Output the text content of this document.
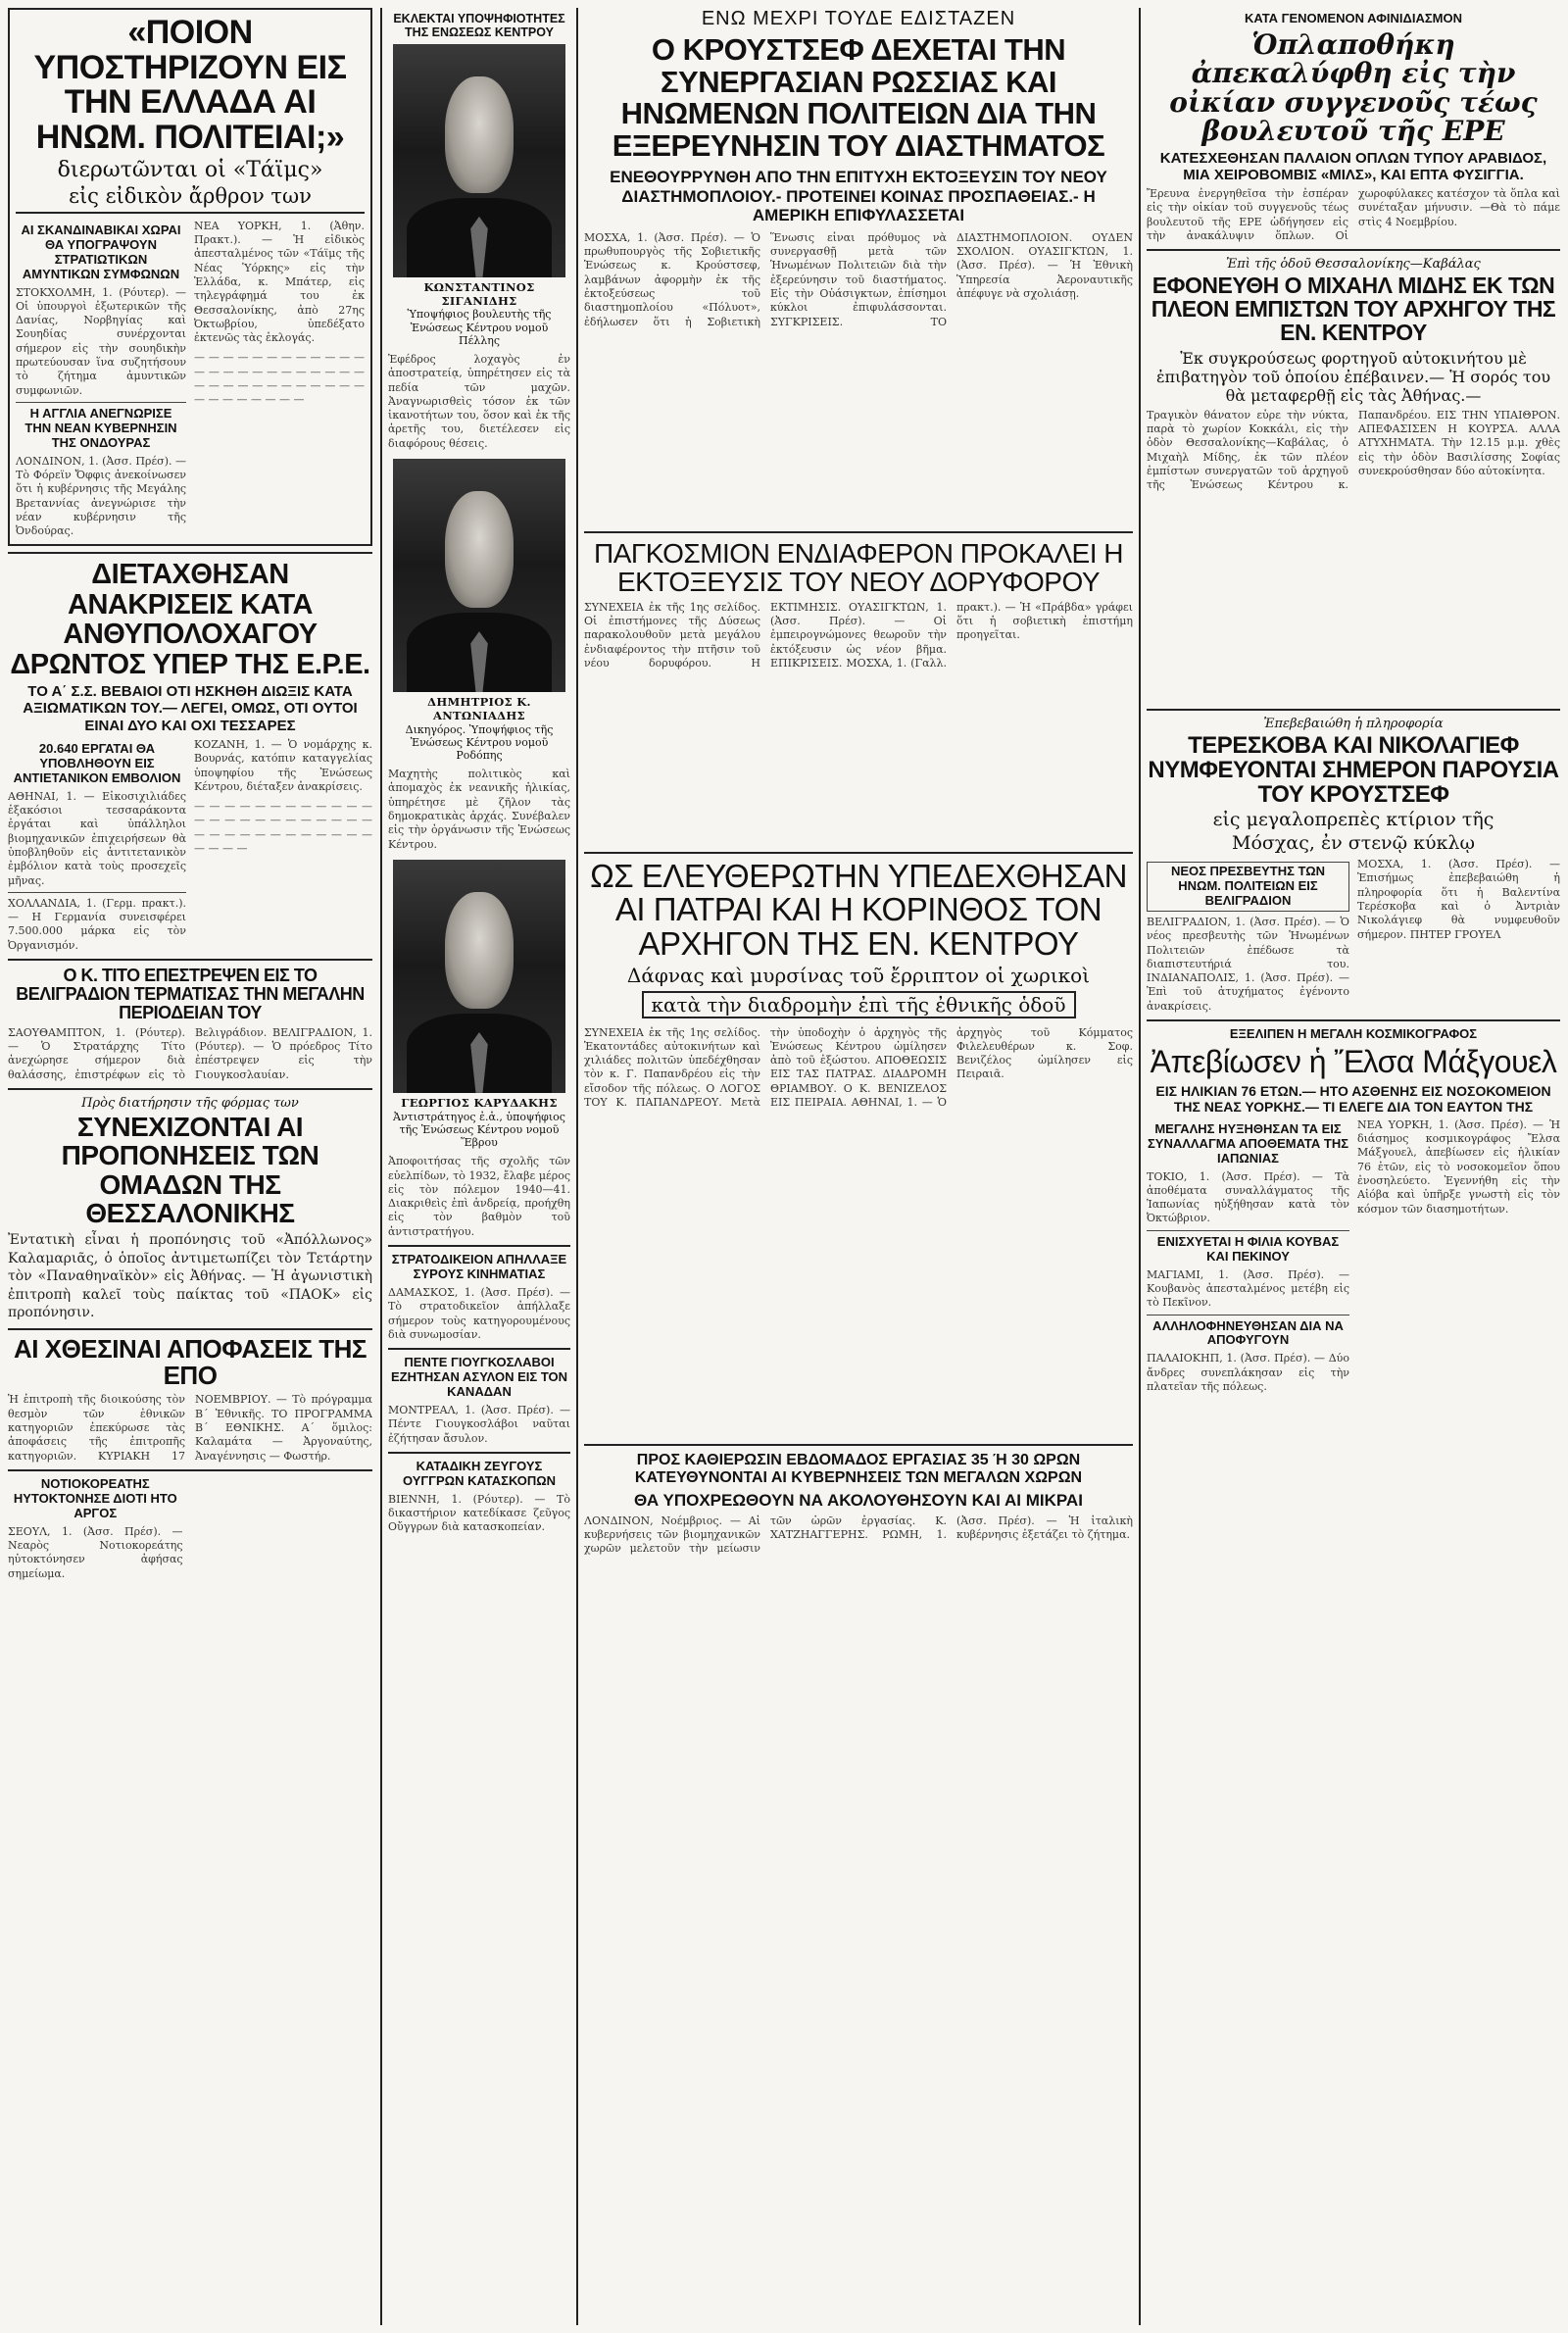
«ΠΟΙΟΝ ΥΠΟΣΤΗΡΙΖΟΥΝ ΕΙΣ ΤΗΝ ΕΛΛΑΔΑ ΑΙ ΗΝΩΜ. ΠΟΛΙΤΕΙΑΙ;»
διερωτῶνται οἱ «Τάϊμς»
εἰς εἰδικὸν ἄρθρον των
ΑΙ ΣΚΑΝΔΙΝΑΒΙΚΑΙ ΧΩΡΑΙ ΘΑ ΥΠΟΓΡΑΨΟΥΝ ΣΤΡΑΤΙΩΤΙΚΩΝ ΑΜΥΝΤΙΚΩΝ ΣΥΜΦΩΝΩΝ
ΣΤΟΚΧΟΛΜΗ, 1. (Ρόυτερ). — Οἱ ὑπουργοὶ ἐξωτερικῶν τῆς Δανίας, Νορβηγίας καὶ Σουηδίας συνέρχονται σήμερον εἰς τὴν σουηδικὴν πρωτεύουσαν ἵνα συζητήσουν τὸ ζήτημα ἀμυντικῶν συμφωνιῶν.
Η ΑΓΓΛΙΑ ΑΝΕΓΝΩΡΙΣΕ ΤΗΝ ΝΕΑΝ ΚΥΒΕΡΝΗΣΙΝ ΤΗΣ ΟΝΔΟΥΡΑΣ
ΛΟΝΔΙΝΟΝ, 1. (Ἀσσ. Πρέσ). — Τὸ Φόρεϊν Ὄφφις ἀνεκοίνωσεν ὅτι ἡ κυβέρνησις τῆς Μεγάλης Βρεταννίας ἀνεγνώρισε τὴν νέαν κυβέρνησιν τῆς Ὀνδούρας.
ΝΕΑ ΥΟΡΚΗ, 1. (Ἀθην. Πρακτ.). — Ἡ εἰδικὸς ἀπεσταλμένος τῶν «Τάϊμς τῆς Νέας Ὑόρκης» εἰς τὴν Ἑλλάδα, κ. Μπάτερ, εἰς τηλεγράφημά του ἐκ Θεσσαλονίκης, ἀπὸ 27ης Ὀκτωβρίου, ὑπεδέξατο ἐκτενῶς τὰς ἐκλογάς.
— — — — — — — — — — — — — — — — — — — — — — — — — — — — — — — — — — — — — — — — — — — —
ΔΙΕΤΑΧΘΗΣΑΝ ΑΝΑΚΡΙΣΕΙΣ ΚΑΤΑ ΑΝΘΥΠΟΛΟΧΑΓΟΥ ΔΡΩΝΤΟΣ ΥΠΕΡ ΤΗΣ Ε.Ρ.Ε.
ΤΟ Α΄ Σ.Σ. ΒΕΒΑΙΟΙ ΟΤΙ ΗΣΚΗΘΗ ΔΙΩΞΙΣ ΚΑΤΑ ΑΞΙΩΜΑΤΙΚΩΝ ΤΟΥ.— ΛΕΓΕΙ, ΟΜΩΣ, ΟΤΙ ΟΥΤΟΙ ΕΙΝΑΙ ΔΥΟ ΚΑΙ ΟΧΙ ΤΕΣΣΑΡΕΣ
20.640 ΕΡΓΑΤΑΙ ΘΑ ΥΠΟΒΛΗΘΟΥΝ ΕΙΣ ΑΝΤΙΕΤΑΝΙΚΟΝ ΕΜΒΟΛΙΟΝ
ΑΘΗΝΑΙ, 1. — Εἰκοσιχιλιάδες ἑξακόσιοι τεσσαράκοντα ἐργάται καὶ ὑπάλληλοι βιομηχανικῶν ἐπιχειρήσεων θὰ ὑποβληθοῦν εἰς ἀντιτετανικὸν ἐμβόλιον κατὰ τοὺς προσεχεῖς μῆνας.
ΧΟΛΛΑΝΔΙΑ, 1. (Γερμ. πρακτ.). — Η Γερμανία συνεισφέρει 7.500.000 μάρκα εἰς τὸν Ὀργανισμόν.
ΚΟΖΑΝΗ, 1. — Ὁ νομάρχης κ. Βουρνάς, κατόπιν καταγγελίας ὑποψηφίου τῆς Ἐνώσεως Κέντρου, διέταξεν ἀνακρίσεις.
— — — — — — — — — — — — — — — — — — — — — — — — — — — — — — — — — — — — — — — —
Ο Κ. ΤΙΤΟ ΕΠΕΣΤΡΕΨΕΝ ΕΙΣ ΤΟ ΒΕΛΙΓΡΑΔΙΟΝ ΤΕΡΜΑΤΙΣΑΣ ΤΗΝ ΜΕΓΑΛΗΝ ΠΕΡΙΟΔΕΙΑΝ ΤΟΥ
ΣΑΟΥΘΑΜΠΤΟΝ, 1. (Ρόυτερ). — Ὁ Στρατάρχης Τίτο ἀνεχώρησε σήμερον διὰ θαλάσσης, ἐπιστρέφων εἰς τὸ Βελιγράδιον. ΒΕΛΙΓΡΑΔΙΟΝ, 1. (Ρόυτερ). — Ὁ πρόεδρος Τίτο ἐπέστρεψεν εἰς τὴν Γιουγκοσλαυίαν.
Πρὸς διατήρησιν τῆς φόρμας των
ΣΥΝΕΧΙΖΟΝΤΑΙ ΑΙ ΠΡΟΠΟΝΗΣΕΙΣ ΤΩΝ ΟΜΑΔΩΝ ΤΗΣ ΘΕΣΣΑΛΟΝΙΚΗΣ
Ἐντατικὴ εἶναι ἡ προπόνησις τοῦ «Ἀπόλλωνος» Καλαμαριᾶς, ὁ ὁποῖος ἀντιμετωπίζει τὸν Τετάρτην τὸν «Παναθηναϊκὸν» εἰς Ἀθήνας. — Ἡ ἀγωνιστικὴ ἐπιτροπὴ καλεῖ τοὺς παίκτας τοῦ «ΠΑΟΚ» εἰς προπόνησιν.
ΑΙ ΧΘΕΣΙΝΑΙ ΑΠΟΦΑΣΕΙΣ ΤΗΣ ΕΠΟ
Ἡ ἐπιτροπὴ τῆς διοικούσης τὸν θεσμὸν τῶν ἐθνικῶν κατηγοριῶν ἐπεκύρωσε τὰς ἀποφάσεις τῆς ἐπιτροπῆς κατηγοριῶν. ΚΥΡΙΑΚΗ 17 ΝΟΕΜΒΡΙΟΥ. — Τὸ πρόγραμμα Β΄ Ἐθνικῆς. ΤΟ ΠΡΟΓΡΑΜΜΑ Β΄ ΕΘΝΙΚΗΣ. Α΄ ὅμιλος: Καλαμάτα — Ἀργοναύτης, Ἀναγέννησις — Φωστήρ.
ΝΟΤΙΟΚΟΡΕΑΤΗΣ ΗΥΤΟΚΤΟΝΗΣΕ ΔΙΟΤΙ ΗΤΟ ΑΡΓΟΣ
ΣΕΟΥΛ, 1. (Ἀσσ. Πρέσ). — Νεαρὸς Νοτιοκορεάτης ηὐτοκτόνησεν ἀφήσας σημείωμα.
ΕΚΛΕΚΤΑΙ ΥΠΟΨΗΦΙΟΤΗΤΕΣ ΤΗΣ ΕΝΩΣΕΩΣ ΚΕΝΤΡΟΥ
ΚΩΝΣΤΑΝΤΙΝΟΣ ΣΙΓΑΝΙΔΗΣ
Ὑποψήφιος βουλευτὴς τῆς Ἐνώσεως Κέντρου νομοῦ Πέλλης
Ἐφέδρος λοχαγὸς ἐν ἀποστρατείᾳ, ὑπηρέτησεν εἰς τὰ πεδία τῶν μαχῶν. Ἀναγνωρισθεὶς τόσον ἐκ τῶν ἱκανοτήτων του, ὅσον καὶ ἐκ τῆς ἀρετῆς του, διετέλεσεν εἰς διαφόρους θέσεις.
ΔΗΜΗΤΡΙΟΣ Κ. ΑΝΤΩΝΙΑΔΗΣ
Δικηγόρος. Ὑποψήφιος τῆς Ἐνώσεως Κέντρου νομοῦ Ροδόπης
Μαχητὴς πολιτικὸς καὶ ἀπομαχὸς ἐκ νεανικῆς ἡλικίας, ὑπηρέτησε μὲ ζῆλον τὰς δημοκρατικὰς ἀρχάς. Συνέβαλεν εἰς τὴν ὀργάνωσιν τῆς Ἐνώσεως Κέντρου.
ΓΕΩΡΓΙΟΣ ΚΑΡΥΔΑΚΗΣ
Ἀντιστράτηγος ἐ.ἀ., ὑποψήφιος τῆς Ἐνώσεως Κέντρου νομοῦ Ἕβρου
Ἀποφοιτήσας τῆς σχολῆς τῶν εὐελπίδων, τὸ 1932, ἔλαβε μέρος εἰς τὸν πόλεμον 1940—41. Διακριθεὶς ἐπὶ ἀνδρείᾳ, προήχθη εἰς τὸν βαθμὸν τοῦ ἀντιστρατήγου.
ΣΤΡΑΤΟΔΙΚΕΙΟΝ ΑΠΗΛΛΑΞΕ ΣΥΡΟΥΣ ΚΙΝΗΜΑΤΙΑΣ
ΔΑΜΑΣΚΟΣ, 1. (Ἀσσ. Πρέσ). — Τὸ στρατοδικεῖον ἀπήλλαξε σήμερον τοὺς κατηγορουμένους διὰ συνωμοσίαν.
ΠΕΝΤΕ ΓΙΟΥΓΚΟΣΛΑΒΟΙ ΕΖΗΤΗΣΑΝ ΑΣΥΛΟΝ ΕΙΣ ΤΟΝ ΚΑΝΑΔΑΝ
ΜΟΝΤΡΕΑΛ, 1. (Ἀσσ. Πρέσ). — Πέντε Γιουγκοσλάβοι ναῦται ἐζήτησαν ἄσυλον.
ΚΑΤΑΔΙΚΗ ΖΕΥΓΟΥΣ ΟΥΓΓΡΩΝ ΚΑΤΑΣΚΟΠΩΝ
ΒΙΕΝΝΗ, 1. (Ρόυτερ). — Τὸ δικαστήριον κατεδίκασε ζεῦγος Οὔγγρων διὰ κατασκοπείαν.
ΕΝΩ ΜΕΧΡΙ ΤΟΥΔΕ ΕΔΙΣΤΑΖΕΝ
Ο ΚΡΟΥΣΤΣΕΦ ΔΕΧΕΤΑΙ ΤΗΝ ΣΥΝΕΡΓΑΣΙΑΝ ΡΩΣΣΙΑΣ ΚΑΙ ΗΝΩΜΕΝΩΝ ΠΟΛΙΤΕΙΩΝ ΔΙΑ ΤΗΝ ΕΞΕΡΕΥΝΗΣΙΝ ΤΟΥ ΔΙΑΣΤΗΜΑΤΟΣ
ΕΝΕΘΟΥΡΡΥΝΘΗ ΑΠΟ ΤΗΝ ΕΠΙΤΥΧΗ ΕΚΤΟΞΕΥΣΙΝ ΤΟΥ ΝΕΟΥ ΔΙΑΣΤΗΜΟΠΛΟΙΟΥ.- ΠΡΟΤΕΙΝΕΙ ΚΟΙΝΑΣ ΠΡΟΣΠΑΘΕΙΑΣ.- Η ΑΜΕΡΙΚΗ ΕΠΙΦΥΛΑΣΣΕΤΑΙ
ΜΟΣΧΑ, 1. (Ἀσσ. Πρέσ). — Ὁ πρωθυπουργὸς τῆς Σοβιετικῆς Ἑνώσεως κ. Κρούστσεφ, λαμβάνων ἀφορμὴν ἐκ τῆς ἐκτοξεύσεως τοῦ διαστημοπλοίου «Πόλυοτ», ἐδήλωσεν ὅτι ἡ Σοβιετικὴ Ἕνωσις εἶναι πρόθυμος νὰ συνεργασθῇ μετὰ τῶν Ἡνωμένων Πολιτειῶν διὰ τὴν ἐξερεύνησιν τοῦ διαστήματος. Εἰς τὴν Οὐάσιγκτων, ἐπίσημοι κύκλοι ἐπιφυλάσσονται. ΣΥΓΚΡΙΣΕΙΣ. ΤΟ ΔΙΑΣΤΗΜΟΠΛΟΙΟΝ. ΟΥΔΕΝ ΣΧΟΛΙΟΝ. ΟΥΑΣΙΓΚΤΩΝ, 1. (Ἀσσ. Πρέσ). — Ἡ Ἐθνικὴ Ὑπηρεσία Ἀεροναυτικῆς ἀπέφυγε νὰ σχολιάσῃ.
ΠΑΓΚΟΣΜΙΟΝ ΕΝΔΙΑΦΕΡΟΝ ΠΡΟΚΑΛΕΙ Η ΕΚΤΟΞΕΥΣΙΣ ΤΟΥ ΝΕΟΥ ΔΟΡΥΦΟΡΟΥ
ΣΥΝΕΧΕΙΑ ἐκ τῆς 1ης σελίδος. Οἱ ἐπιστήμονες τῆς Δύσεως παρακολουθοῦν μετὰ μεγάλου ἐνδιαφέροντος τὴν πτῆσιν τοῦ νέου δορυφόρου. Η ΕΚΤΙΜΗΣΙΣ. ΟΥΑΣΙΓΚΤΩΝ, 1. (Ἀσσ. Πρέσ). — Οἱ ἐμπειρογνώμονες θεωροῦν τὴν ἐκτόξευσιν ὡς νέον βῆμα. ΕΠΙΚΡΙΣΕΙΣ. ΜΟΣΧΑ, 1. (Γαλλ. πρακτ.). — Ἡ «Πράβδα» γράφει ὅτι ἡ σοβιετικὴ ἐπιστήμη προηγεῖται.
ΩΣ ΕΛΕΥΘΕΡΩΤΗΝ ΥΠΕΔΕΧΘΗΣΑΝ ΑΙ ΠΑΤΡΑΙ ΚΑΙ Η ΚΟΡΙΝΘΟΣ ΤΟΝ ΑΡΧΗΓΟΝ ΤΗΣ ΕΝ. ΚΕΝΤΡΟΥ
Δάφνας καὶ μυρσίνας τοῦ ἔρριπτον οἱ χωρικοὶ
κατὰ τὴν διαδρομὴν ἐπὶ τῆς ἐθνικῆς ὁδοῦ
ΣΥΝΕΧΕΙΑ ἐκ τῆς 1ης σελίδος. Ἑκατοντάδες αὐτοκινήτων καὶ χιλιάδες πολιτῶν ὑπεδέχθησαν τὸν κ. Γ. Παπανδρέου εἰς τὴν εἴσοδον τῆς πόλεως. Ο ΛΟΓΟΣ ΤΟΥ Κ. ΠΑΠΑΝΔΡΕΟΥ. Μετὰ τὴν ὑποδοχὴν ὁ ἀρχηγὸς τῆς Ἐνώσεως Κέντρου ὡμίλησεν ἀπὸ τοῦ ἐξώστου. ΑΠΟΘΕΩΣΙΣ ΕΙΣ ΤΑΣ ΠΑΤΡΑΣ. ΔΙΑΔΡΟΜΗ ΘΡΙΑΜΒΟΥ. Ο Κ. ΒΕΝΙΖΕΛΟΣ ΕΙΣ ΠΕΙΡΑΙΑ. ΑΘΗΝΑΙ, 1. — Ὁ ἀρχηγὸς τοῦ Κόμματος Φιλελευθέρων κ. Σοφ. Βενιζέλος ὡμίλησεν εἰς Πειραιᾶ.
ΠΡΟΣ ΚΑΘΙΕΡΩΣΙΝ ΕΒΔΟΜΑΔΟΣ ΕΡΓΑΣΙΑΣ 35 Ή 30 ΩΡΩΝ ΚΑΤΕΥΘΥΝΟΝΤΑΙ ΑΙ ΚΥΒΕΡΝΗΣΕΙΣ ΤΩΝ ΜΕΓΑΛΩΝ ΧΩΡΩΝ
ΘΑ ΥΠΟΧΡΕΩΘΟΥΝ ΝΑ ΑΚΟΛΟΥΘΗΣΟΥΝ ΚΑΙ ΑΙ ΜΙΚΡΑΙ
ΛΟΝΔΙΝΟΝ, Νοέμβριος. — Αἱ κυβερνήσεις τῶν βιομηχανικῶν χωρῶν μελετοῦν τὴν μείωσιν τῶν ὡρῶν ἐργασίας. Κ. ΧΑΤΖΗΑΓΓΕΡΗΣ. ΡΩΜΗ, 1. (Ἀσσ. Πρέσ). — Ἡ ἰταλικὴ κυβέρνησις ἐξετάζει τὸ ζήτημα.
ΚΑΤΑ ΓΕΝΟΜΕΝΟΝ ΑΦΙΝΙΔΙΑΣΜΟΝ
Ὁπλαποθήκη ἀπεκαλύφθη εἰς τὴν οἰκίαν συγγενοῦς τέως βουλευτοῦ τῆς ΕΡΕ
ΚΑΤΕΣΧΕΘΗΣΑΝ ΠΑΛΑΙΟΝ ΟΠΛΩΝ ΤΥΠΟΥ ΑΡΑΒΙΔΟΣ, ΜΙΑ ΧΕΙΡΟΒΟΜΒΙΣ «ΜΙΛΣ», ΚΑΙ ΕΠΤΑ ΦΥΣΙΓΓΙΑ.
Ἔρευνα ἐνεργηθεῖσα τὴν ἑσπέραν εἰς τὴν οἰκίαν τοῦ συγγενοῦς τέως βουλευτοῦ τῆς ΕΡΕ ὡδήγησεν εἰς τὴν ἀνακάλυψιν ὅπλων. Οἱ χωροφύλακες κατέσχον τὰ ὅπλα καὶ συνέταξαν μήνυσιν. —Θὰ τὸ πάμε στὶς 4 Νοεμβρίου.
Ἐπὶ τῆς ὁδοῦ Θεσσαλονίκης—Καβάλας
ΕΦΟΝΕΥΘΗ Ο ΜΙΧΑΗΛ ΜΙΔΗΣ ΕΚ ΤΩΝ ΠΛΕΟΝ ΕΜΠΙΣΤΩΝ ΤΟΥ ΑΡΧΗΓΟΥ ΤΗΣ ΕΝ. ΚΕΝΤΡΟΥ
Ἐκ συγκρούσεως φορτηγοῦ αὐτοκινήτου μὲ ἐπιβατηγὸν τοῦ ὁποίου ἐπέβαινεν.— Ἡ σορός του θὰ μεταφερθῇ εἰς τὰς Ἀθήνας.—
Τραγικὸν θάνατον εὗρε τὴν νύκτα, παρὰ τὸ χωρίον Κοκκάλι, εἰς τὴν ὁδὸν Θεσσαλονίκης—Καβάλας, ὁ Μιχαὴλ Μίδης, ἐκ τῶν πλέον ἐμπίστων συνεργατῶν τοῦ ἀρχηγοῦ τῆς Ἐνώσεως Κέντρου κ. Παπανδρέου. ΕΙΣ ΤΗΝ ΥΠΑΙΘΡΟΝ. ΑΠΕΦΑΣΙΣΕΝ Η ΚΟΥΡΣΑ. ΑΛΛΑ ΑΤΥΧΗΜΑΤΑ. Τὴν 12.15 μ.μ. χθὲς εἰς τὴν ὁδὸν Βασιλίσσης Σοφίας συνεκρούσθησαν δύο αὐτοκίνητα.
Ἐπεβεβαιώθη ἡ πληροφορία
ΤΕΡΕΣΚΟΒΑ ΚΑΙ ΝΙΚΟΛΑΓΙΕΦ ΝΥΜΦΕΥΟΝΤΑΙ ΣΗΜΕΡΟΝ ΠΑΡΟΥΣΙΑ ΤΟΥ ΚΡΟΥΣΤΣΕΦ
εἰς μεγαλοπρεπὲς κτίριον τῆς
Μόσχας, ἐν στενῷ κύκλῳ
ΝΕΟΣ ΠΡΕΣΒΕΥΤΗΣ ΤΩΝ ΗΝΩΜ. ΠΟΛΙΤΕΙΩΝ ΕΙΣ ΒΕΛΙΓΡΑΔΙΟΝ
ΒΕΛΙΓΡΑΔΙΟΝ, 1. (Ἀσσ. Πρέσ). — Ὁ νέος πρεσβευτὴς τῶν Ἡνωμένων Πολιτειῶν ἐπέδωσε τὰ διαπιστευτήριά του. ΙΝΔΙΑΝΑΠΟΛΙΣ, 1. (Ἀσσ. Πρέσ). — Ἐπὶ τοῦ ἀτυχήματος ἐγένοντο ἀνακρίσεις.
ΜΟΣΧΑ, 1. (Ἀσσ. Πρέσ). — Ἐπισήμως ἐπεβεβαιώθη ἡ πληροφορία ὅτι ἡ Βαλεντίνα Τερέσκοβα καὶ ὁ Ἀντριὰν Νικολάγιεφ θὰ νυμφευθοῦν σήμερον. ΠΗΤΕΡ ΓΡΟΥΕΛ
ΕΞΕΛΙΠΕΝ Η ΜΕΓΑΛΗ ΚΟΣΜΙΚΟΓΡΑΦΟΣ
Ἀπεβίωσεν ἡ Ἔλσα Μάξγουελ
ΕΙΣ ΗΛΙΚΙΑΝ 76 ΕΤΩΝ.— ΗΤΟ ΑΣΘΕΝΗΣ ΕΙΣ ΝΟΣΟΚΟΜΕΙΟΝ ΤΗΣ ΝΕΑΣ ΥΟΡΚΗΣ.— ΤΙ ΕΛΕΓΕ ΔΙΑ ΤΟΝ ΕΑΥΤΟΝ ΤΗΣ
ΜΕΓΑΛΗΣ ΗΥΞΗΘΗΣΑΝ ΤΑ ΕΙΣ ΣΥΝΑΛΛΑΓΜΑ ΑΠΟΘΕΜΑΤΑ ΤΗΣ ΙΑΠΩΝΙΑΣ
ΤΟΚΙΟ, 1. (Ἀσσ. Πρέσ). — Τὰ ἀποθέματα συναλλάγματος τῆς Ἰαπωνίας ηὐξήθησαν κατὰ τὸν Ὀκτώβριον.
ΕΝΙΣΧΥΕΤΑΙ Η ΦΙΛΙΑ ΚΟΥΒΑΣ ΚΑΙ ΠΕΚΙΝΟΥ
ΜΑΓΙΑΜΙ, 1. (Ἀσσ. Πρέσ). — Κουβανὸς ἀπεσταλμένος μετέβη εἰς τὸ Πεκῖνον.
ΑΛΛΗΛΟΦΗΝΕΥΘΗΣΑΝ ΔΙΑ ΝΑ ΑΠΟΦΥΓΟΥΝ
ΠΑΛΑΙΟΚΗΠ, 1. (Ἀσσ. Πρέσ). — Δύο ἄνδρες συνεπλάκησαν εἰς τὴν πλατεῖαν τῆς πόλεως.
ΝΕΑ ΥΟΡΚΗ, 1. (Ἀσσ. Πρέσ). — Ἡ διάσημος κοσμικογράφος Ἔλσα Μάξγουελ, ἀπεβίωσεν εἰς ἡλικίαν 76 ἐτῶν, εἰς τὸ νοσοκομεῖον ὅπου ἐνοσηλεύετο. Ἐγεννήθη εἰς τὴν Αἰόβα καὶ ὑπῆρξε γνωστὴ εἰς τὸν κόσμον τῶν διασημοτήτων.
